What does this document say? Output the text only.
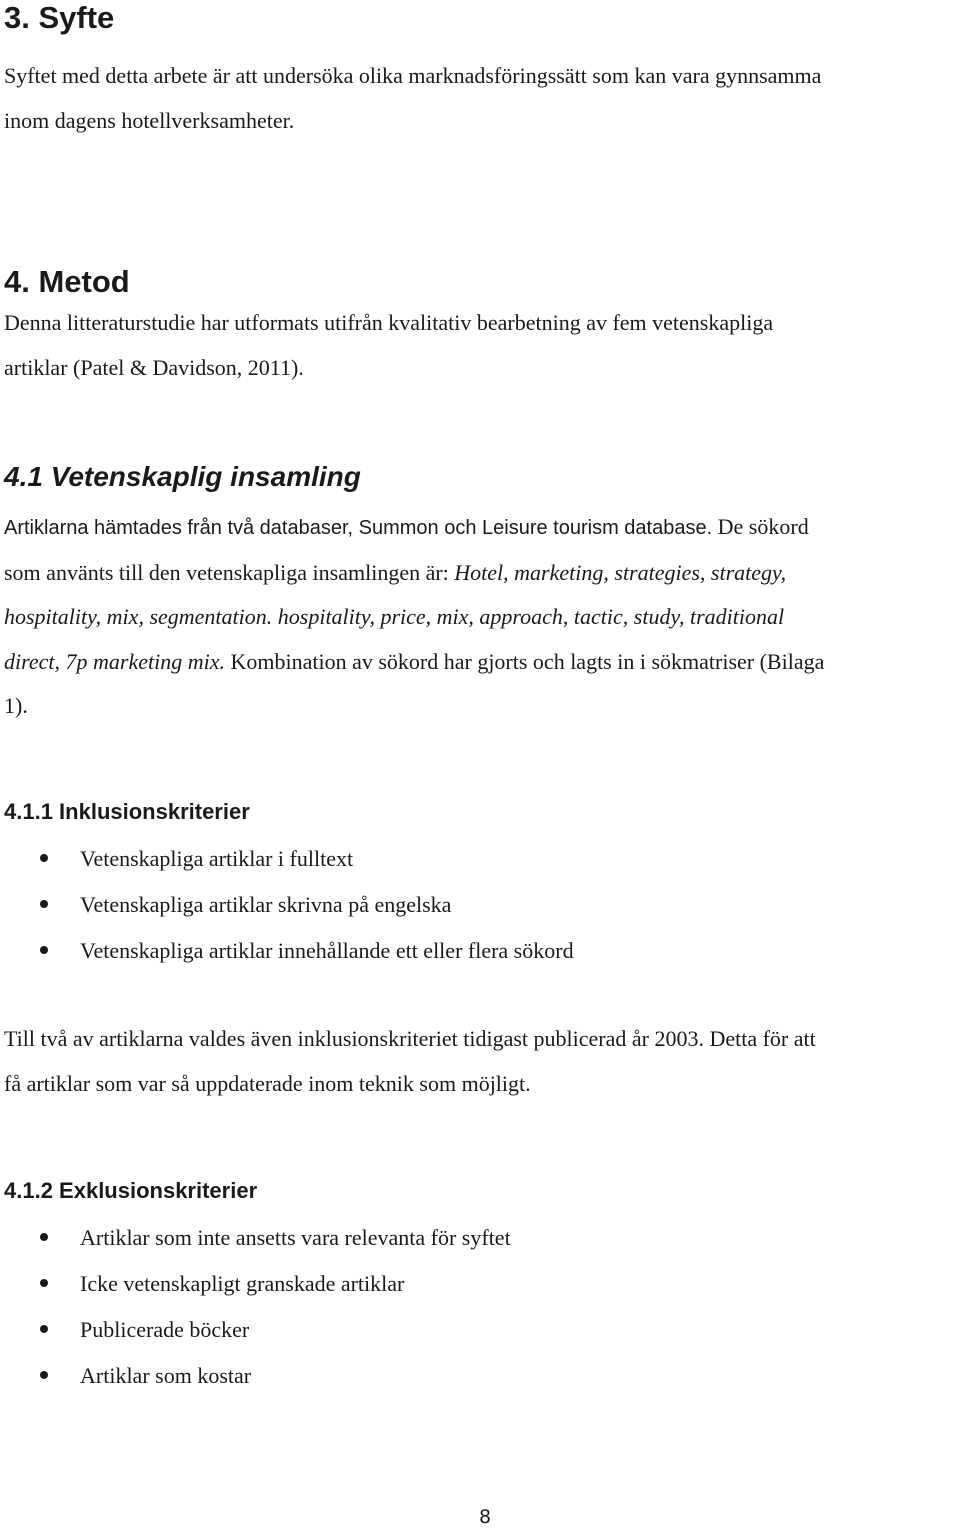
3. Syfte

Syftet med detta arbete är att undersöka olika marknadsföringssätt som kan vara gynnsamma
inom dagens hotellverksamheter.

4. Metod

Denna litteraturstudie har utformats utifrån kvalitativ bearbetning av fem vetenskapliga
artiklar (Patel & Davidson, 2011).

4.1 Vetenskaplig insamling

Artiklarna hämtades från två databaser, Summon och Leisure tourism database. De sökord
som använts till den vetenskapliga insamlingen är: Hotel, marketing, strategies, strategy,
hospitality, mix, segmentation. hospitality, price, mix, approach, tactic, study, traditional
direct, 7p marketing mix. Kombination av sökord har gjorts och lagts in i sökmatriser (Bilaga
1).

4.1.1 Inklusionskriterier
Vetenskapliga artiklar i fulltext
Vetenskapliga artiklar skrivna på engelska
Vetenskapliga artiklar innehållande ett eller flera sökord

Till två av artiklarna valdes även inklusionskriteriet tidigast publicerad år 2003. Detta för att
få artiklar som var så uppdaterade inom teknik som möjligt.

4.1.2 Exklusionskriterier
Artiklar som inte ansetts vara relevanta för syftet
Icke vetenskapligt granskade artiklar
Publicerade böcker
Artiklar som kostar
8
